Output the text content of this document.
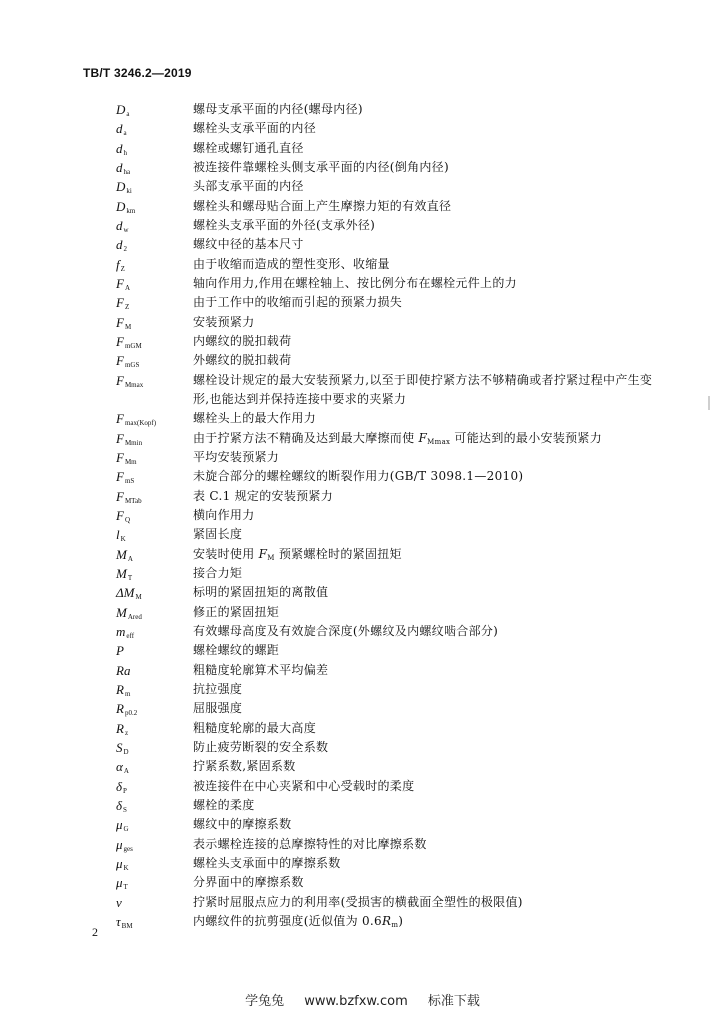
TB/T 3246.2—2019
$D_a$	螺母支承平面的内径(螺母内径)
$d_a$	螺栓头支承平面的内径
$d_h$	螺栓或螺钉通孔直径
$d_{ha}$	被连接件靠螺栓头侧支承平面的内径(倒角内径)
$D_{ki}$	头部支承平面的内径
$D_{km}$	螺栓头和螺母贴合面上产生摩擦力矩的有效直径
$d_w$	螺栓头支承平面的外径(支承外径)
$d_2$	螺纹中径的基本尺寸
$f_Z$	由于收缩而造成的塑性变形、收缩量
$F_A$	轴向作用力,作用在螺栓轴上、按比例分布在螺栓元件上的力
$F_Z$	由于工作中的收缩而引起的预紧力损失
$F_M$	安装预紧力
$F_{mGM}$	内螺纹的脱扣载荷
$F_{mGS}$	外螺纹的脱扣载荷
$F_{Mmax}$	螺栓设计规定的最大安装预紧力,以至于即使拧紧方法不够精确或者拧紧过程中产生变形,也能达到并保持连接中要求的夹紧力
$F_{max(Kopf)}$	螺栓头上的最大作用力
$F_{Mmin}$	由于拧紧方法不精确及达到最大摩擦而使 FMmax 可能达到的最小安装预紧力
$F_{Mm}$	平均安装预紧力
$F_{mS}$	未旋合部分的螺栓螺纹的断裂作用力(GB/T 3098.1—2010)
$F_{MTab}$	表 C.1 规定的安装预紧力
$F_Q$	横向作用力
$l_K$	紧固长度
$M_A$	安装时使用 FM 预紧螺栓时的紧固扭矩
$M_T$	接合力矩
$\Delta M_M$	标明的紧固扭矩的离散值
$M_{Ared}$	修正的紧固扭矩
$m_{eff}$	有效螺母高度及有效旋合深度(外螺纹及内螺纹啮合部分)
P	螺栓螺纹的螺距
Ra	粗糙度轮廓算术平均偏差
$R_m$	抗拉强度
$R_{p0.2}$	屈服强度
$R_z$	粗糙度轮廓的最大高度
$S_D$	防止疲劳断裂的安全系数
$\alpha_A$	拧紧系数,紧固系数
$\delta_P$	被连接件在中心夹紧和中心受载时的柔度
$\delta_S$	螺栓的柔度
$\mu_G$	螺纹中的摩擦系数
$\mu_{ges}$	表示螺栓连接的总摩擦特性的对比摩擦系数
$\mu_K$	螺栓头支承面中的摩擦系数
$\mu_T$	分界面中的摩擦系数
ν	拧紧时屈服点应力的利用率(受损害的横截面全塑性的极限值)
$\tau_{BM}$	内螺纹件的抗剪强度(近似值为 0.6Rm)
2
学兔兔 www.bzfxw.com 标准下载
